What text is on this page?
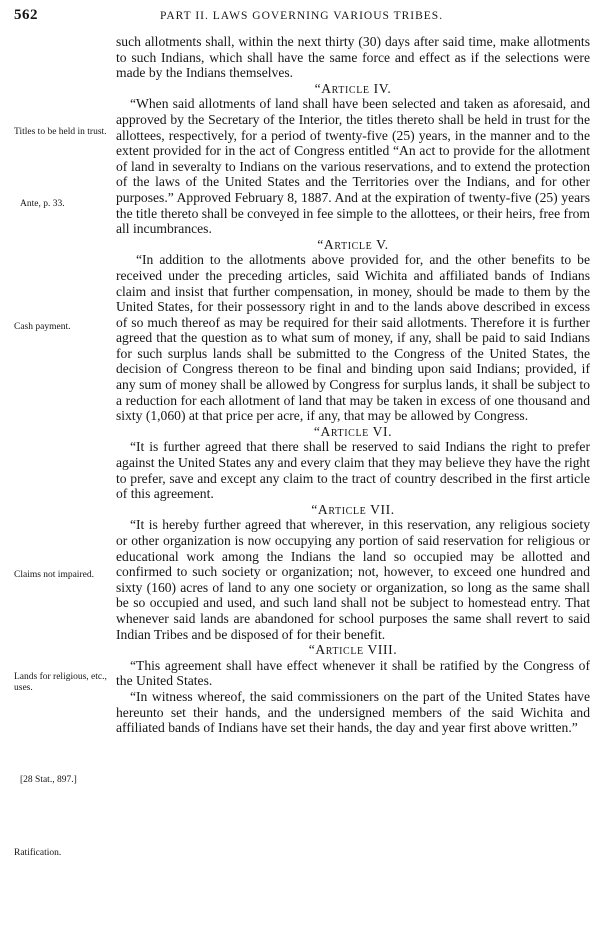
562	PART II. LAWS GOVERNING VARIOUS TRIBES.
Titles to be held in trust.
Ante, p. 33.
Cash payment.
Claims not impaired.
Lands for religious, etc., uses.
[28 Stat., 897.]
Ratification.

such allotments shall, within the next thirty (30) days after said time, make allotments to such Indians, which shall have the same force and effect as if the selections were made by the Indians themselves.

“Article IV.

“When said allotments of land shall have been selected and taken as aforesaid, and approved by the Secretary of the Interior, the titles thereto shall be held in trust for the allottees, respectively, for a period of twenty-five (25) years, in the manner and to the extent provided for in the act of Congress entitled “An act to provide for the allotment of land in severalty to Indians on the various reservations, and to extend the protection of the laws of the United States and the Territories over the Indians, and for other purposes.” Approved February 8, 1887. And at the expiration of twenty-five (25) years the title thereto shall be conveyed in fee simple to the allottees, or their heirs, free from all incumbrances.

“Article V.

“In addition to the allotments above provided for, and the other benefits to be received under the preceding articles, said Wichita and affiliated bands of Indians claim and insist that further compensation, in money, should be made to them by the United States, for their possessory right in and to the lands above described in excess of so much thereof as may be required for their said allotments. Therefore it is further agreed that the question as to what sum of money, if any, shall be paid to said Indians for such surplus lands shall be submitted to the Congress of the United States, the decision of Congress thereon to be final and binding upon said Indians; provided, if any sum of money shall be allowed by Congress for surplus lands, it shall be subject to a reduction for each allotment of land that may be taken in excess of one thousand and sixty (1,060) at that price per acre, if any, that may be allowed by Congress.

“Article VI.

“It is further agreed that there shall be reserved to said Indians the right to prefer against the United States any and every claim that they may believe they have the right to prefer, save and except any claim to the tract of country described in the first article of this agreement.

“Article VII.

“It is hereby further agreed that wherever, in this reservation, any religious society or other organization is now occupying any portion of said reservation for religious or educational work among the Indians the land so occupied may be allotted and confirmed to such society or organization; not, however, to exceed one hundred and sixty (160) acres of land to any one society or organization, so long as the same shall be so occupied and used, and such land shall not be subject to homestead entry. That whenever said lands are abandoned for school purposes the same shall revert to said Indian Tribes and be disposed of for their benefit.

“Article VIII.

“This agreement shall have effect whenever it shall be ratified by the Congress of the United States.

“In witness whereof, the said commissioners on the part of the United States have hereunto set their hands, and the undersigned members of the said Wichita and affiliated bands of Indians have set their hands, the day and year first above written.”
